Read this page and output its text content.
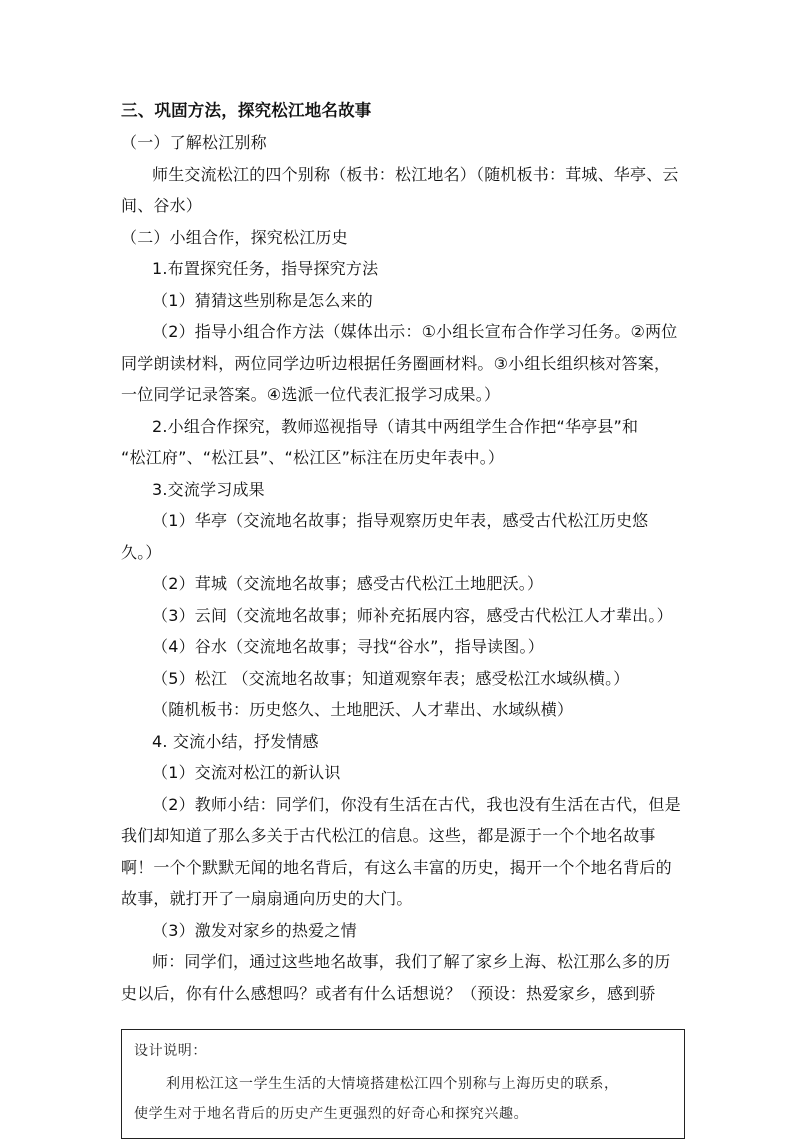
三、巩固方法，探究松江地名故事

（一）了解松江别称

师生交流松江的四个别称（板书：松江地名）（随机板书：茸城、华亭、云

间、谷水）

（二）小组合作，探究松江历史

1.布置探究任务，指导探究方法

（1）猜猜这些别称是怎么来的

（2）指导小组合作方法（媒体出示：①小组长宣布合作学习任务。②两位

同学朗读材料，两位同学边听边根据任务圈画材料。③小组长组织核对答案，

一位同学记录答案。④选派一位代表汇报学习成果。）

2.小组合作探究，教师巡视指导（请其中两组学生合作把“华亭县”和

“松江府”、“松江县”、“松江区”标注在历史年表中。）

3.交流学习成果

（1）华亭（交流地名故事；指导观察历史年表，感受古代松江历史悠

久。）

（2）茸城（交流地名故事；感受古代松江土地肥沃。）

（3）云间（交流地名故事；师补充拓展内容，感受古代松江人才辈出。）

（4）谷水（交流地名故事；寻找“谷水”，指导读图。）

（5）松江 （交流地名故事；知道观察年表；感受松江水域纵横。）

（随机板书：历史悠久、土地肥沃、人才辈出、水域纵横）

4. 交流小结，抒发情感

（1）交流对松江的新认识

（2）教师小结：同学们，你没有生活在古代，我也没有生活在古代，但是

我们却知道了那么多关于古代松江的信息。这些，都是源于一个个地名故事

啊！一个个默默无闻的地名背后，有这么丰富的历史，揭开一个个地名背后的

故事，就打开了一扇扇通向历史的大门。

（3）激发对家乡的热爱之情

师：同学们，通过这些地名故事，我们了解了家乡上海、松江那么多的历

史以后，你有什么感想吗？或者有什么话想说？（预设：热爱家乡，感到骄

设计说明：

利用松江这一学生生活的大情境搭建松江四个别称与上海历史的联系，

使学生对于地名背后的历史产生更强烈的好奇心和探究兴趣。
